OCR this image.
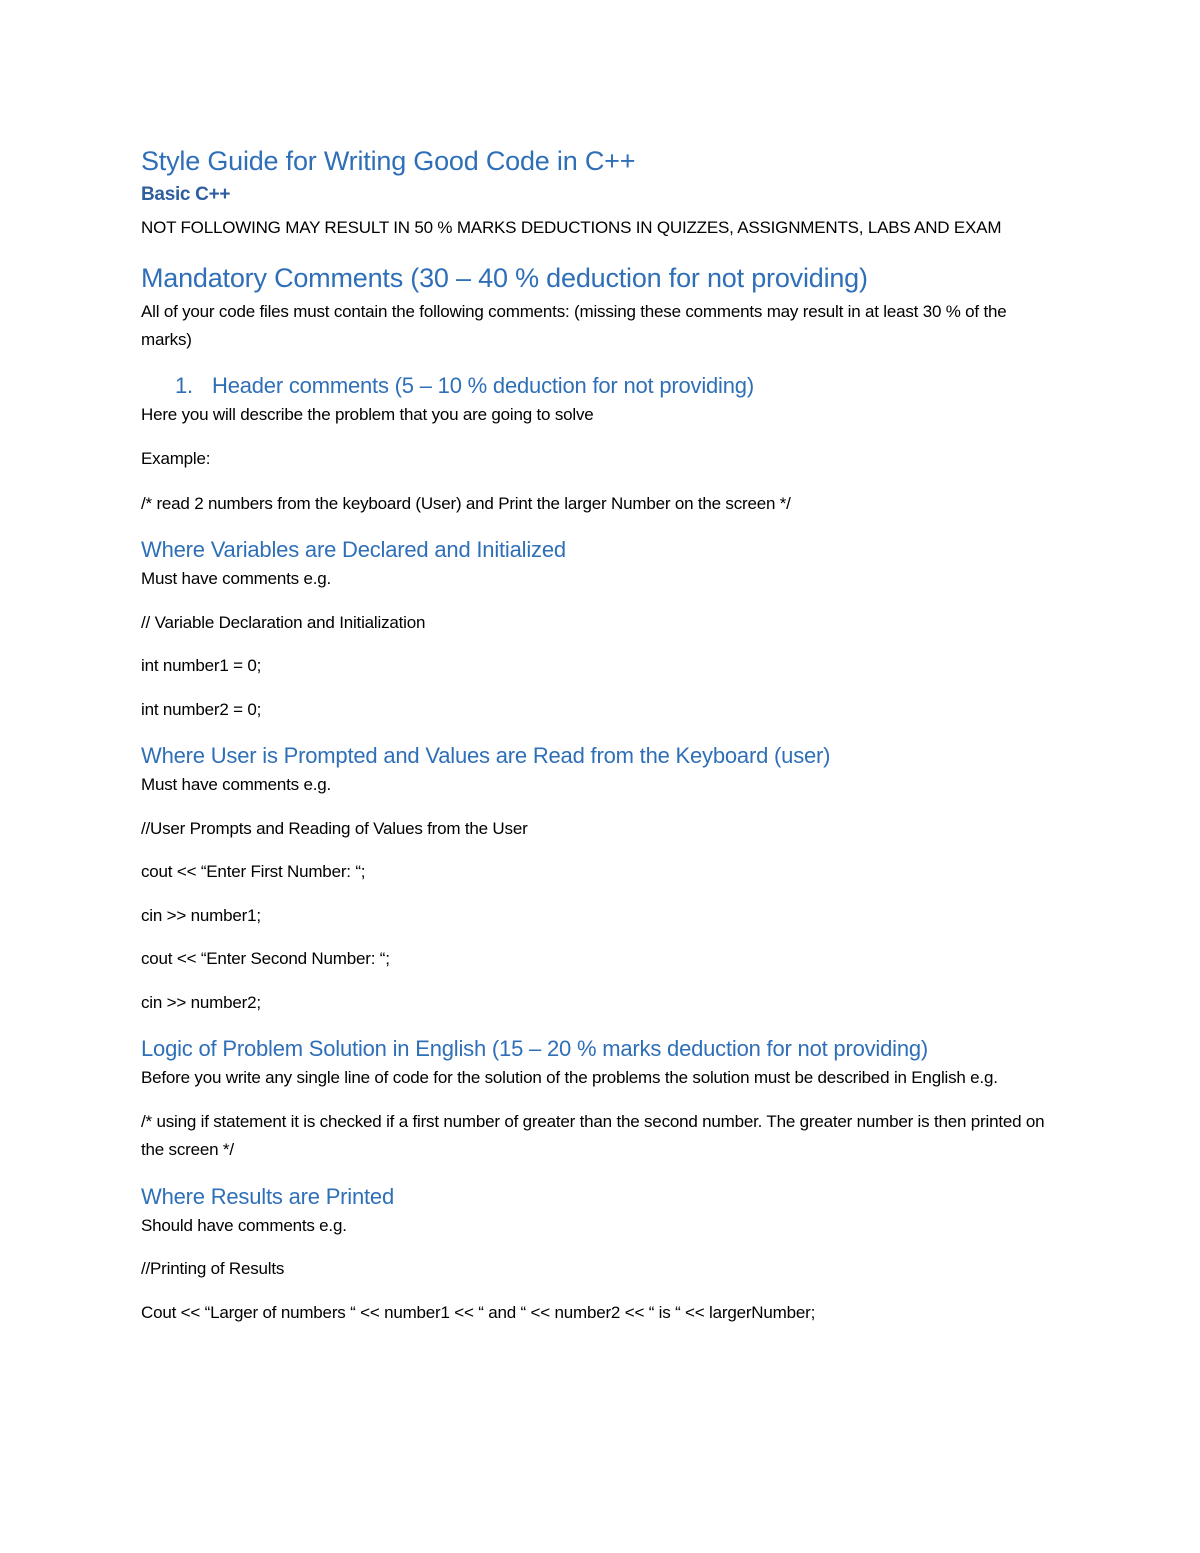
Style Guide for Writing Good Code in C++
Basic C++

NOT FOLLOWING MAY RESULT IN 50 % MARKS DEDUCTIONS IN QUIZZES, ASSIGNMENTS, LABS AND EXAM

Mandatory Comments (30 – 40 % deduction for not providing)

All of your code files must contain the following comments: (missing these comments may result in at least 30 % of the marks)

1. Header comments (5 – 10 % deduction for not providing)

Here you will describe the problem that you are going to solve

Example:

/* read 2 numbers from the keyboard (User) and Print the larger Number on the screen */

Where Variables are Declared and Initialized

Must have comments e.g.

// Variable Declaration and Initialization

int number1 = 0;

int number2 = 0;

Where User is Prompted and Values are Read from the Keyboard (user)

Must have comments e.g.

//User Prompts and Reading of Values from the User

cout << “Enter First Number: “;

cin >> number1;

cout << “Enter Second Number: “;

cin >> number2;

Logic of Problem Solution in English (15 – 20 % marks deduction for not providing)

Before you write any single line of code for the solution of the problems the solution must be described in English e.g.

/* using if statement it is checked if a first number of greater than the second number. The greater number is then printed on the screen */

Where Results are Printed

Should have comments e.g.

//Printing of Results

Cout << “Larger of numbers “ << number1 << “ and “ << number2 << “ is “ << largerNumber;
